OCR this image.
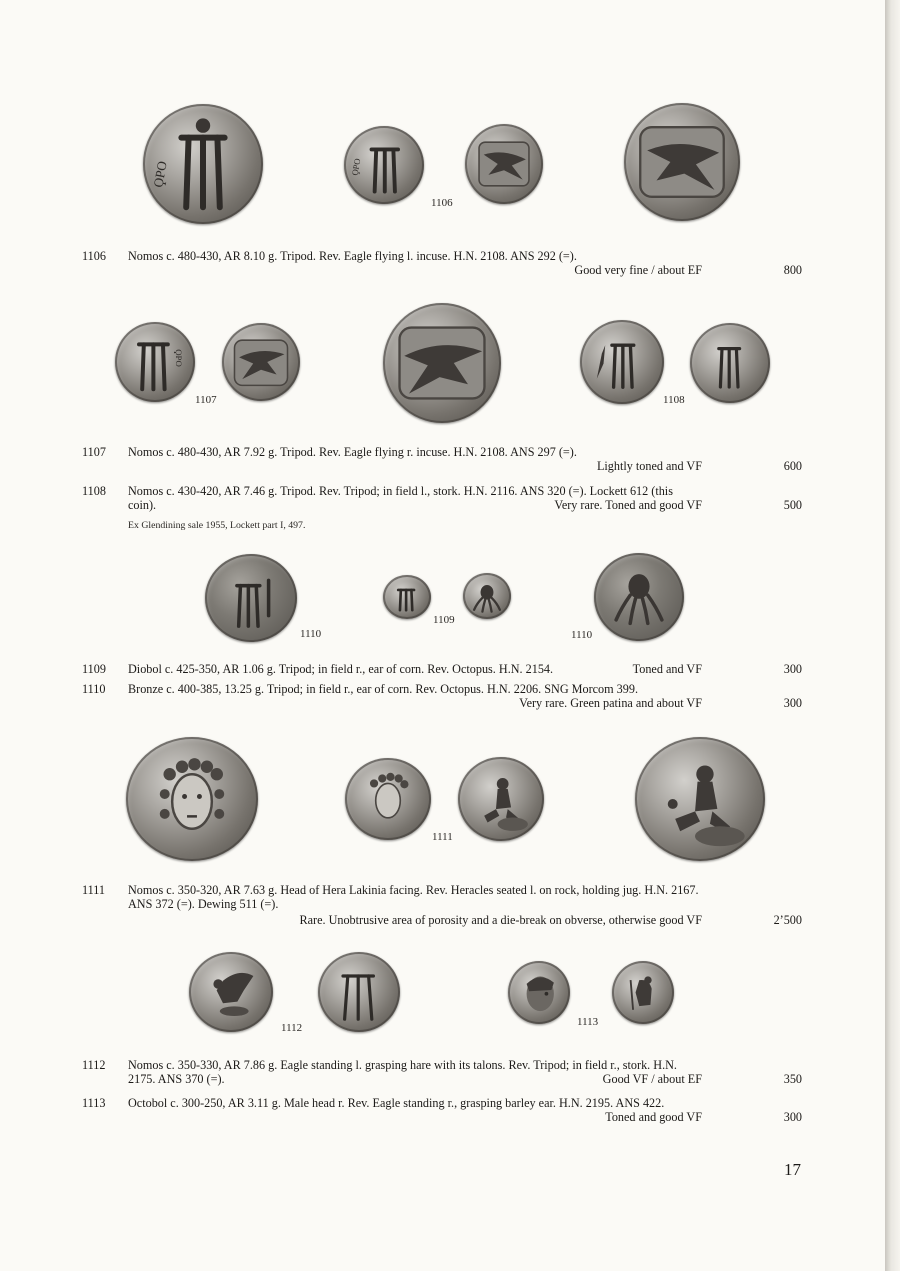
ϘΡΟ	ϘΡΟ
1106
1106	Nomos c. 480-430, AR 8.10 g. Tripod. Rev. Eagle flying l. incuse. H.N. 2108. ANS 292 (=).
Good very fine / about EF	800
ϘΡΟ
1107	1108
1107	Nomos c. 480-430, AR 7.92 g. Tripod. Rev. Eagle flying r. incuse. H.N. 2108. ANS 297 (=).
Lightly toned and VF	600
1108	Nomos c. 430-420, AR 7.46 g. Tripod. Rev. Tripod; in field l., stork. H.N. 2116. ANS 320 (=). Lockett 612 (this
coin).	Very rare. Toned and good VF	500
Ex Glendining sale 1955, Lockett part I, 497.
1110
1109
1110
1109	Diobol c. 425-350, AR 1.06 g. Tripod; in field r., ear of corn. Rev. Octopus. H.N. 2154.	Toned and VF	300
1110	Bronze c. 400-385, 13.25 g. Tripod; in field r., ear of corn. Rev. Octopus. H.N. 2206. SNG Morcom 399.
Very rare. Green patina and about VF	300
1111
1111	Nomos c. 350-320, AR 7.63 g. Head of Hera Lakinia facing. Rev. Heracles seated l. on rock, holding jug. H.N. 2167.
ANS 372 (=). Dewing 511 (=).
Rare. Unobtrusive area of porosity and a die-break on obverse, otherwise good VF	2’500
1112	1113
1112	Nomos c. 350-330, AR 7.86 g. Eagle standing l. grasping hare with its talons. Rev. Tripod; in field r., stork. H.N.
2175. ANS 370 (=).	Good VF / about EF	350
1113	Octobol c. 300-250, AR 3.11 g. Male head r. Rev. Eagle standing r., grasping barley ear. H.N. 2195. ANS 422.
Toned and good VF	300
17
